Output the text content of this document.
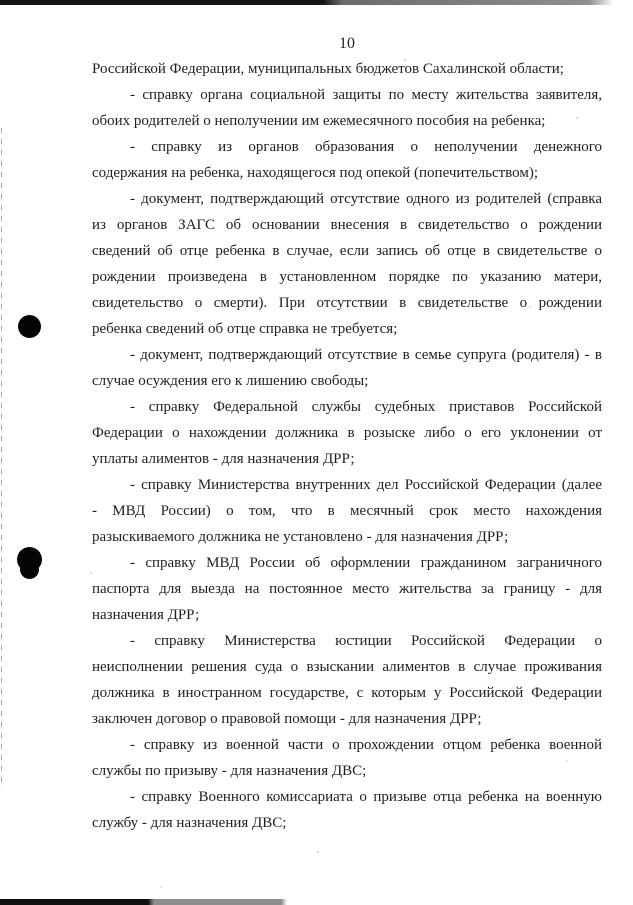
10
Российской Федерации, муниципальных бюджетов Сахалинской области;
- справку органа социальной защиты по месту жительства заявителя,
обоих родителей о неполучении им ежемесячного пособия на ребенка;
- справку из органов образования о неполучении денежного
содержания на ребенка, находящегося под опекой (попечительством);
- документ, подтверждающий отсутствие одного из родителей (справка
из органов ЗАГС об основании внесения в свидетельство о рождении
сведений об отце ребенка в случае, если запись об отце в свидетельстве о
рождении произведена в установленном порядке по указанию матери,
свидетельство о смерти). При отсутствии в свидетельстве о рождении
ребенка сведений об отце справка не требуется;
- документ, подтверждающий отсутствие в семье супруга (родителя) - в
случае осуждения его к лишению свободы;
- справку Федеральной службы судебных приставов Российской
Федерации о нахождении должника в розыске либо о его уклонении от
уплаты алиментов - для назначения ДРР;
- справку Министерства внутренних дел Российской Федерации (далее
- МВД России) о том, что в месячный срок место нахождения
разыскиваемого должника не установлено - для назначения ДРР;
- справку МВД России об оформлении гражданином заграничного
паспорта для выезда на постоянное место жительства за границу - для
назначения ДРР;
- справку Министерства юстиции Российской Федерации о
неисполнении решения суда о взыскании алиментов в случае проживания
должника в иностранном государстве, с которым у Российской Федерации
заключен договор о правовой помощи - для назначения ДРР;
- справку из военной части о прохождении отцом ребенка военной
службы по призыву - для назначения ДВС;
- справку Военного комиссариата о призыве отца ребенка на военную
службу - для назначения ДВС;
